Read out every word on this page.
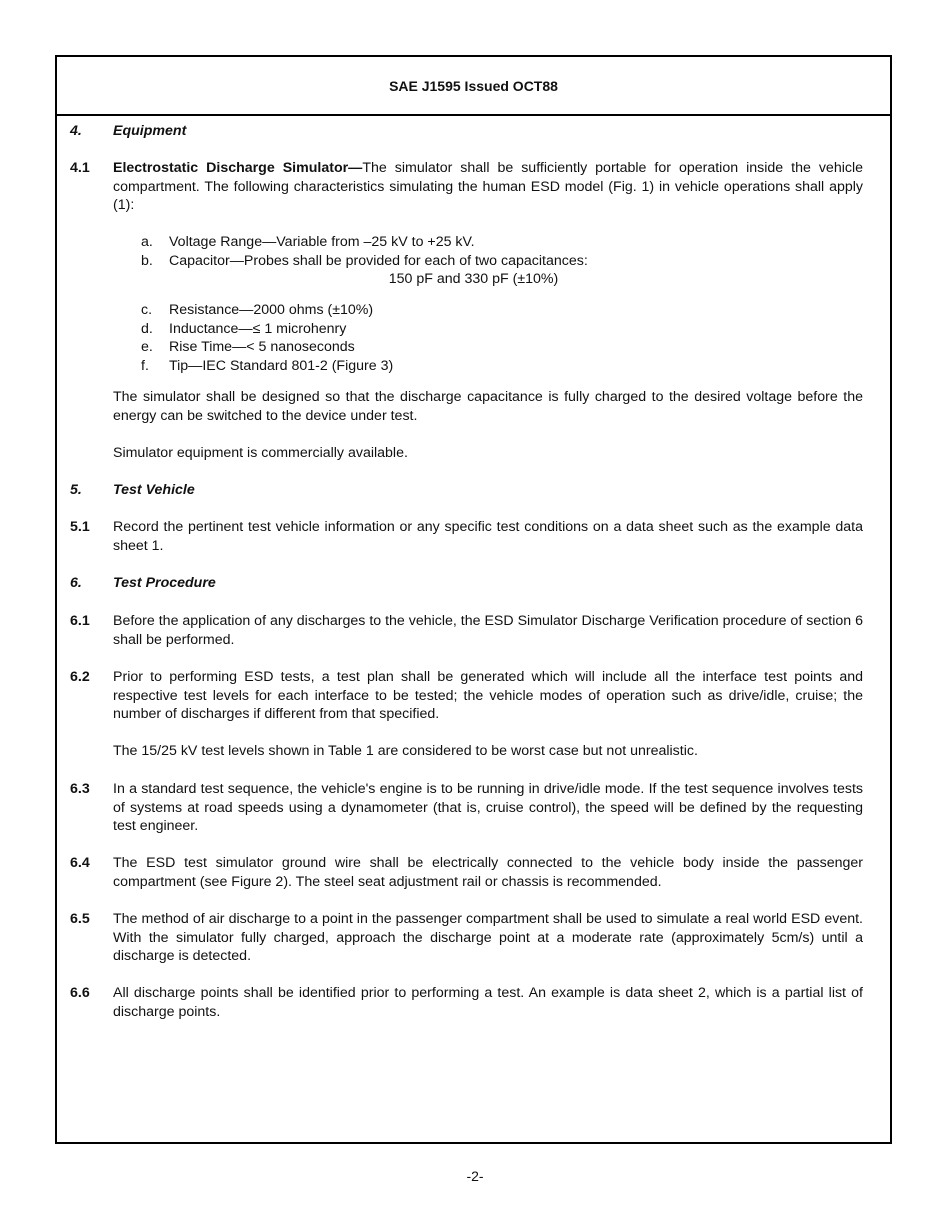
SAE J1595 Issued OCT88
4.	Equipment
4.1	Electrostatic Discharge Simulator—The simulator shall be sufficiently portable for operation inside the vehicle compartment. The following characteristics simulating the human ESD model (Fig. 1) in vehicle operations shall apply (1):
a. Voltage Range—Variable from –25 kV to +25 kV.
b. Capacitor—Probes shall be provided for each of two capacitances:
150 pF and 330 pF (±10%)
c. Resistance—2000 ohms (±10%)
d. Inductance—≤ 1 microhenry
e. Rise Time—< 5 nanoseconds
f. Tip—IEC Standard 801-2 (Figure 3)
The simulator shall be designed so that the discharge capacitance is fully charged to the desired voltage before the energy can be switched to the device under test.
Simulator equipment is commercially available.
5.	Test Vehicle
5.1	Record the pertinent test vehicle information or any specific test conditions on a data sheet such as the example data sheet 1.
6.	Test Procedure
6.1	Before the application of any discharges to the vehicle, the ESD Simulator Discharge Verification procedure of section 6 shall be performed.
6.2	Prior to performing ESD tests, a test plan shall be generated which will include all the interface test points and respective test levels for each interface to be tested; the vehicle modes of operation such as drive/idle, cruise; the number of discharges if different from that specified.
The 15/25 kV test levels shown in Table 1 are considered to be worst case but not unrealistic.
6.3	In a standard test sequence, the vehicle's engine is to be running in drive/idle mode. If the test sequence involves tests of systems at road speeds using a dynamometer (that is, cruise control), the speed will be defined by the requesting test engineer.
6.4	The ESD test simulator ground wire shall be electrically connected to the vehicle body inside the passenger compartment (see Figure 2). The steel seat adjustment rail or chassis is recommended.
6.5	The method of air discharge to a point in the passenger compartment shall be used to simulate a real world ESD event. With the simulator fully charged, approach the discharge point at a moderate rate (approximately 5cm/s) until a discharge is detected.
6.6	All discharge points shall be identified prior to performing a test. An example is data sheet 2, which is a partial list of discharge points.
-2-
